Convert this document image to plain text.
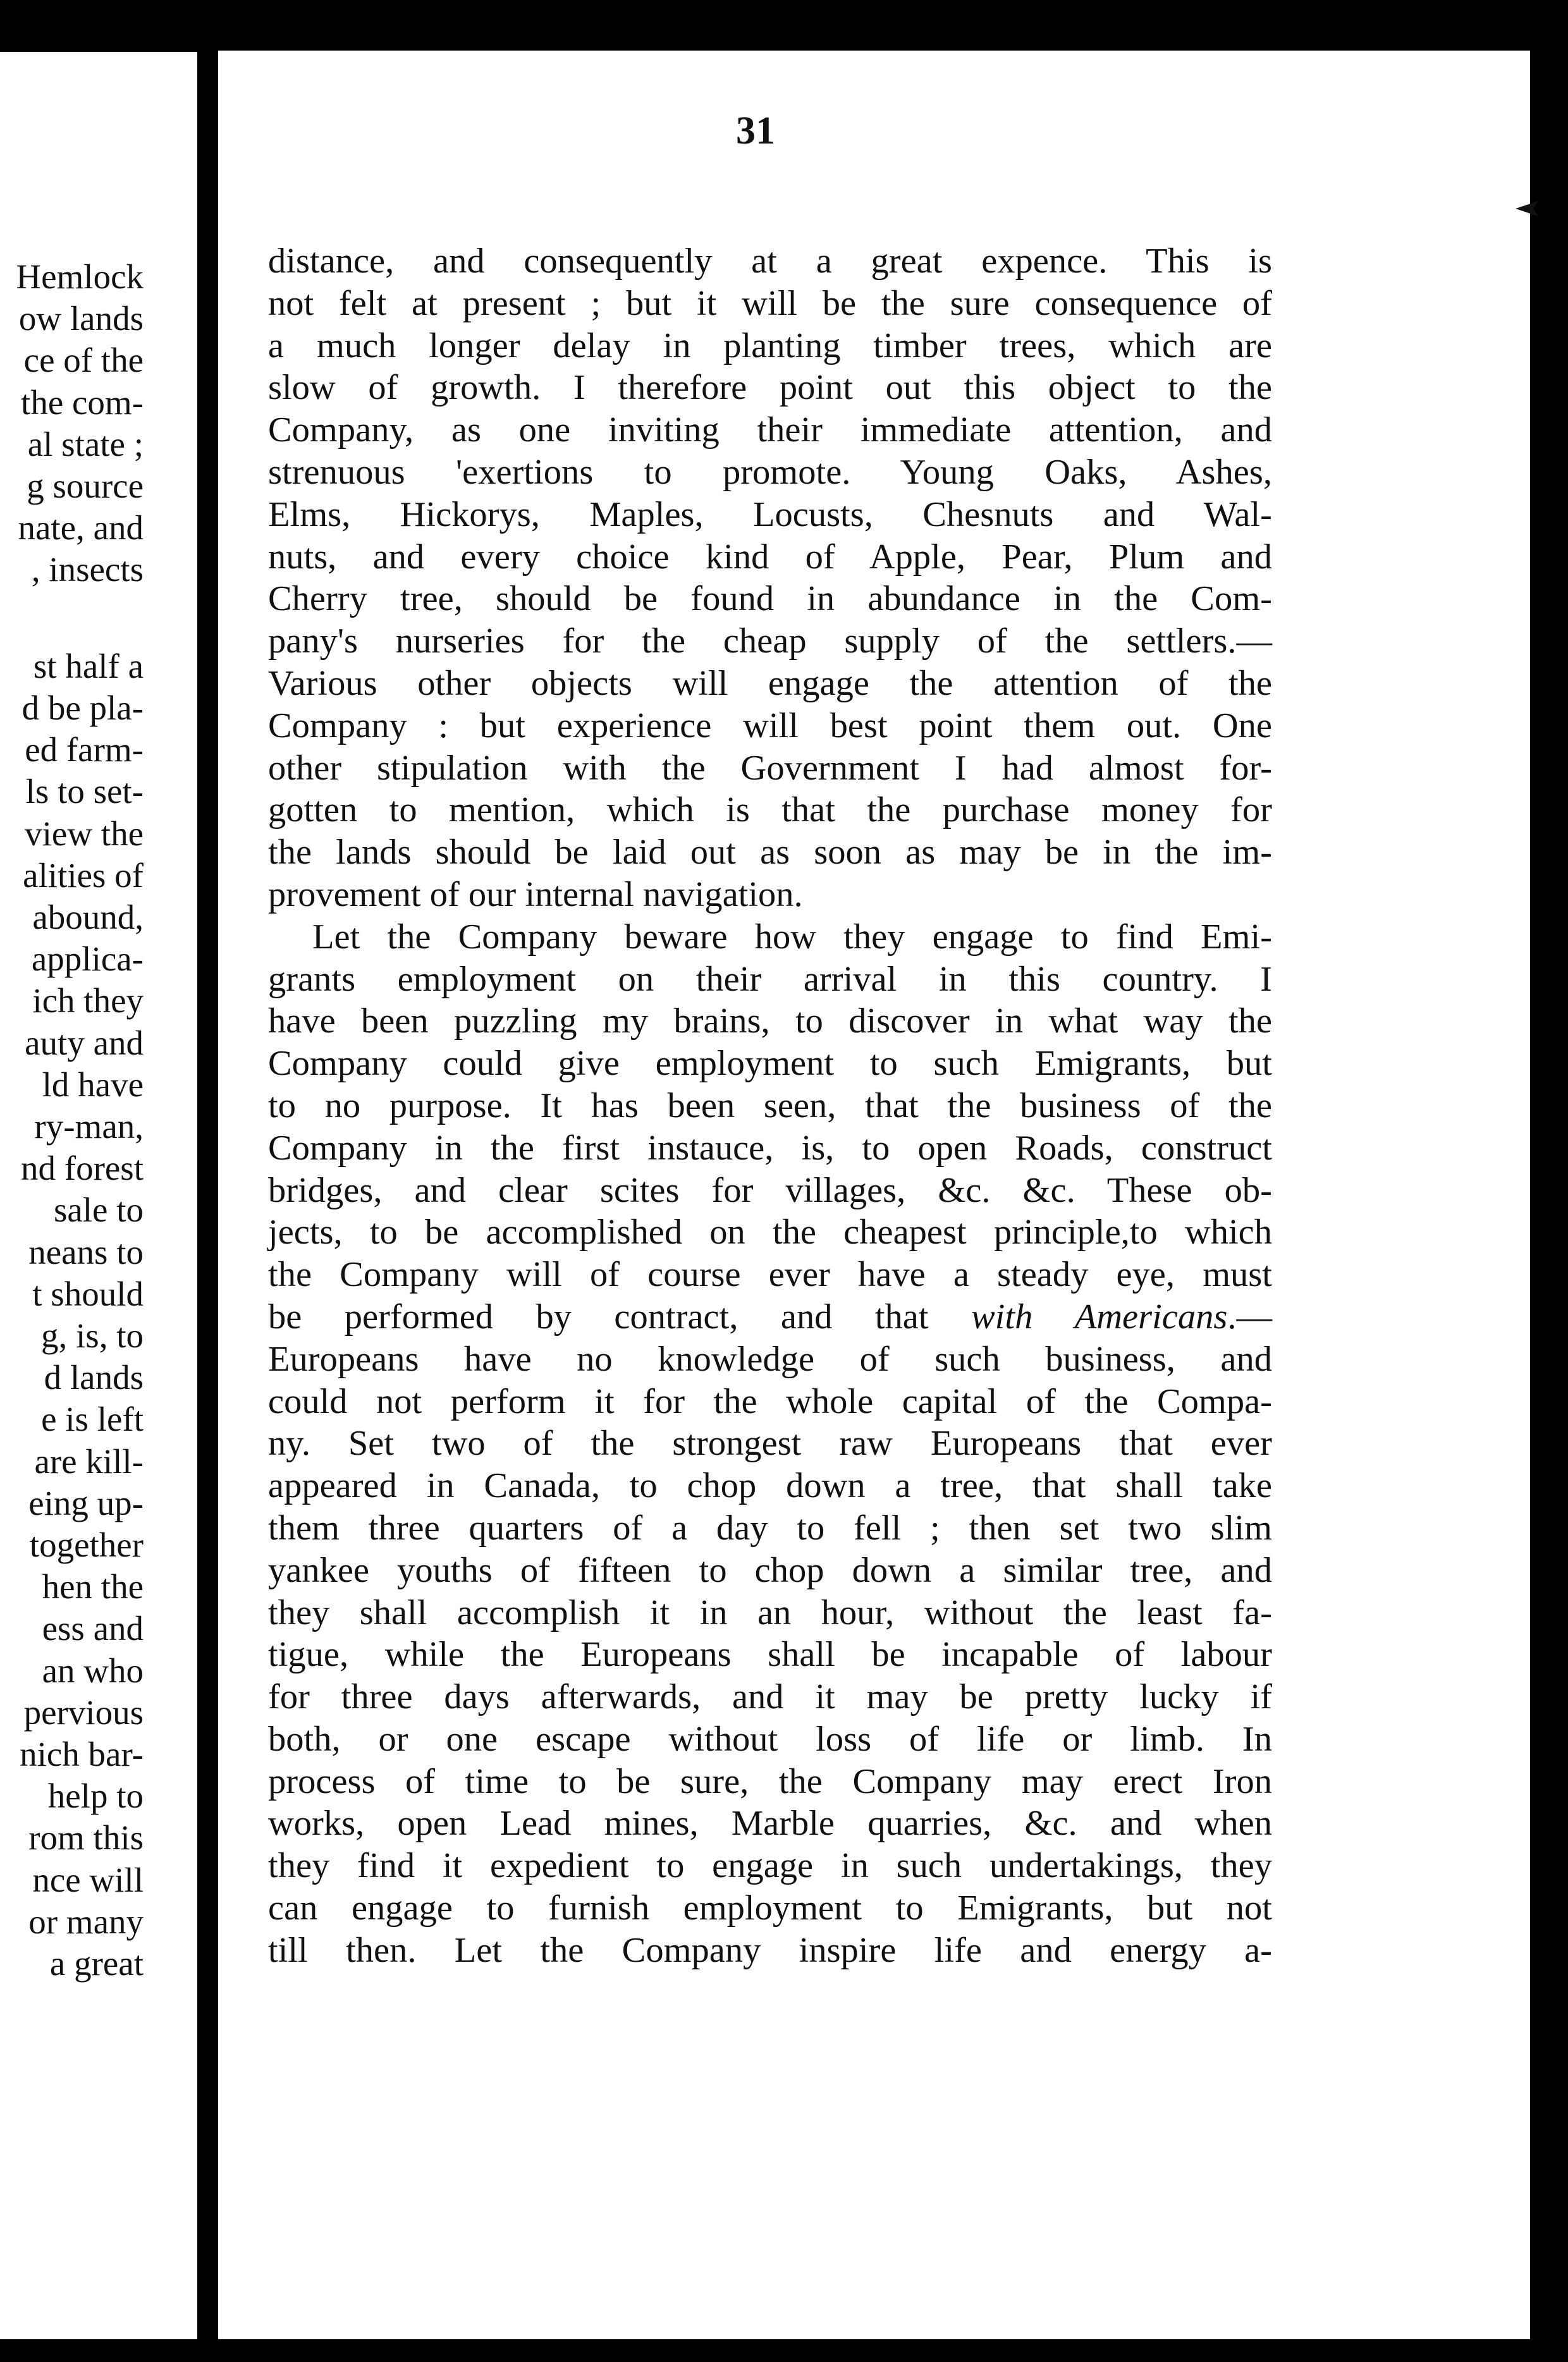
Hemlock
ow lands
ce of the
the com-
al state ;
g source
nate, and
, insects
st half a
d be pla-
ed farm-
ls to set-
view the
alities of
abound,
applica-
ich they
auty and
ld have
ry-man,
nd forest
sale to
neans to
t should
g, is, to
d lands
e is left
are kill-
eing up-
together
hen the
ess and
an who
pervious
nich bar-
help to
rom this
nce will
or many
a great
31
distance, and consequently at a great expence. This is
not felt at present ; but it will be the sure consequence of
a much longer delay in planting timber trees, which are
slow of growth. I therefore point out this object to the
Company, as one inviting their immediate attention, and
strenuous 'exertions to promote. Young Oaks, Ashes,
Elms, Hickorys, Maples, Locusts, Chesnuts and Wal-
nuts, and every choice kind of Apple, Pear, Plum and
Cherry tree, should be found in abundance in the Com-
pany's nurseries for the cheap supply of the settlers.—
Various other objects will engage the attention of the
Company : but experience will best point them out. One
other stipulation with the Government I had almost for-
gotten to mention, which is that the purchase money for
the lands should be laid out as soon as may be in the im-
provement of our internal navigation.
Let the Company beware how they engage to find Emi-
grants employment on their arrival in this country. I
have been puzzling my brains, to discover in what way the
Company could give employment to such Emigrants, but
to no purpose. It has been seen, that the business of the
Company in the first instauce, is, to open Roads, construct
bridges, and clear scites for villages, &c. &c. These ob-
jects, to be accomplished on the cheapest principle,to which
the Company will of course ever have a steady eye, must
be performed by contract, and that with Americans.—
Europeans have no knowledge of such business, and
could not perform it for the whole capital of the Compa-
ny. Set two of the strongest raw Europeans that ever
appeared in Canada, to chop down a tree, that shall take
them three quarters of a day to fell ; then set two slim
yankee youths of fifteen to chop down a similar tree, and
they shall accomplish it in an hour, without the least fa-
tigue, while the Europeans shall be incapable of labour
for three days afterwards, and it may be pretty lucky if
both, or one escape without loss of life or limb. In
process of time to be sure, the Company may erect Iron
works, open Lead mines, Marble quarries, &c. and when
they find it expedient to engage in such undertakings, they
can engage to furnish employment to Emigrants, but not
till then. Let the Company inspire life and energy a-
